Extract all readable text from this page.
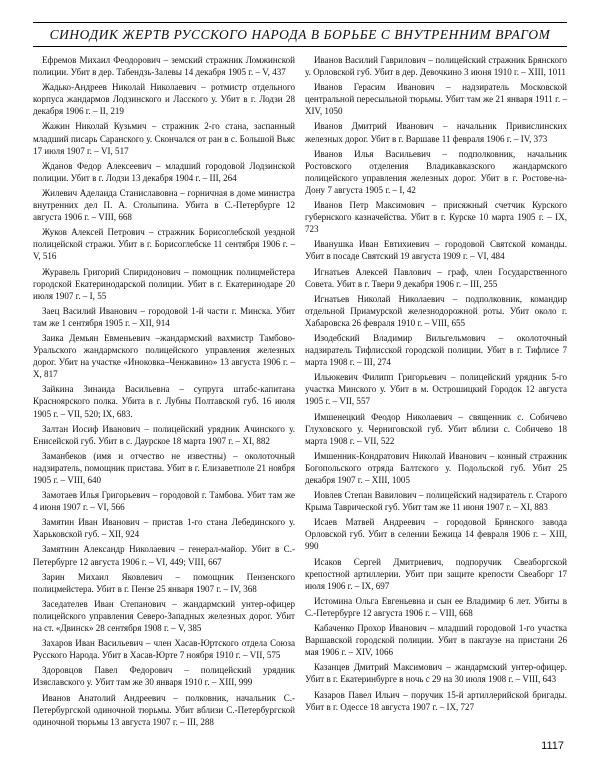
СИНОДИК ЖЕРТВ РУССКОГО НАРОДА В БОРЬБЕ С ВНУТРЕННИМ ВРАГОМ

Ефремов Михаил Феодорович – земский стражник Ломжинской полиции. Убит в дер. Табендзь-Залевы 14 декабря 1905 г. – V, 437

Жадько-Андреев Николай Николаевич – ротмистр отдельного корпуса жандармов Лодзинского и Ласского у. Убит в г. Лодзи 28 декабря 1906 г. – II, 219

Жажин Николай Кузьмич – стражник 2-го стана, заспанный младший писарь Саранского у. Скончался от ран в с. Большой Вьяс 17 июля 1907 г. – VI, 517

Жданов Федор Алексеевич – младший городовой Лодзинской полиции. Убит в г. Лодзи 13 декабря 1904 г. – III, 264

Жилевич Аделаида Станиславовна – горничная в доме министра внутренних дел П. А. Столыпина. Убита в С.-Петербурге 12 августа 1906 г. – VIII, 668

Жуков Алексей Петрович – стражник Борисоглебской уездной полицейской стражи. Убит в г. Борисоглебске 11 сентября 1906 г. – V, 516

Журавель Григорий Спиридонович – помощник полицмейстера городской Екатеринодарской полиции. Убит в г. Екатеринодаре 20 июля 1907 г. – I, 55

Заец Василий Иванович – городовой 1-й части г. Минска. Убит там же 1 сентября 1905 г. – XII, 914

Заика Демьян Евменьевич –жандармский вахмистр Тамбово-Уральского жандармского полицейского управления железных дорог. Убит на участке «Иноковка–Ченжавино» 13 августа 1906 г. – X, 817

Зайкина Зинаида Васильевна – супруга штабс-капитана Красноярского полка. Убита в г. Лубны Полтавской губ. 16 июля 1905 г. – VII, 520; IX, 683.

Залтан Иосиф Иванович – полицейский урядник Ачинского у. Енисейской губ. Убит в с. Даурское 18 марта 1907 г. – XI, 882

Заманбеков (имя и отчество не известны) – околоточный надзиратель, помощник пристава. Убит в г. Елизаветполе 21 ноября 1905 г. – VIII, 640

Замотаев Илья Григорьевич – городовой г. Тамбова. Убит там же 4 июня 1907 г. – VI, 566

Замятин Иван Иванович – пристав 1-го стана Лебединского у. Харьковской губ. – XII, 924

Замятнин Александр Николаевич – генерал-майор. Убит в С.-Петербурге 12 августа 1906 г. – VI, 449; VIII, 667

Зарин Михаил Яковлевич – помощник Пензенского полицмейстера. Убит в г. Пензе 25 января 1907 г. – IV, 368

Заседателев Иван Степанович – жандармский унтер-офицер полицейского управления Северо-Западных железных дорог. Убит на ст. «Двинск» 28 сентября 1908 г. – V, 385

Захаров Иван Васильевич – член Хасав-Юртского отдела Союза Русского Народа. Убит в Хасав-Юрте 7 ноября 1910 г. – VII, 575

Здоровцов Павел Федорович – полицейский урядник Изяславского у. Убит там же 30 января 1910 г. – XIII, 999

Иванов Анатолий Андреевич – полковник, начальник С.-Петербургской одиночной тюрьмы. Убит вблизи С.-Петербургской одиночной тюрьмы 13 августа 1907 г. – III, 288

Иванов Василий Гаврилович – полицейский стражник Брянского у. Орловской губ. Убит в дер. Девочкино 3 июня 1910 г. – XIII, 1011

Иванов Герасим Иванович – надзиратель Московской центральной пересыльной тюрьмы. Убит там же 21 января 1911 г. – XIV, 1050

Иванов Дмитрий Иванович – начальник Привислинских железных дорог. Убит в г. Варшаве 11 февраля 1906 г. – IV, 373

Иванов Илья Васильевич – подполковник, начальник Ростовского отделения Владикавказского жандармского полицейского управления железных дорог. Убит в г. Ростове-на-Дону 7 августа 1905 г. – I, 42

Иванов Петр Максимович – присяжный счетчик Курского губернского казначейства. Убит в г. Курске 10 марта 1905 г. – IX, 723

Иванушка Иван Евтихиевич – городовой Святской команды. Убит в посаде Святский 19 августа 1909 г. – VI, 484

Игнатьев Алексей Павлович – граф, член Государственного Совета. Убит в г. Твери 9 декабря 1906 г. – III, 255

Игнатьев Николай Николаевич – подполковник, командир отдельной Приамурской железнодорожной роты. Убит около г. Хабаровска 26 февраля 1910 г. – VIII, 655

Изодебский Владимир Вильгельмович – околоточный надзиратель Тифлисской городской полиции. Убит в г. Тифлисе 7 марта 1908 г. – III, 274

Ильюкевич Филипп Григорьевич – полицейский урядник 5-го участка Минского у. Убит в м. Острошицкий Городок 12 августа 1905 г. – VII, 557

Имшенецкий Феодор Николаевич – священник с. Собичево Глуховского у. Черниговской губ. Убит вблизи с. Собичево 18 марта 1908 г. – VII, 522

Имшенник-Кондратович Николай Иванович – конный стражник Богопольского отряда Балтского у. Подольской губ. Убит 25 декабря 1907 г. – XIII, 1005

Иовлев Степан Вавилович – полицейский надзиратель г. Старого Крыма Таврической губ. Убит там же 11 июня 1907 г. – XI, 883

Исаев Матвей Андреевич – городовой Брянского завода Орловской губ. Убит в селении Бежица 14 февраля 1906 г. – XIII, 990

Исаков Сергей Дмитриевич, подпоручик Свеаборгской крепостной артиллерии. Убит при защите крепости Свеаборг 17 июля 1906 г. – IX, 697

Истомина Ольга Евгеньевна и сын ее Владимир 6 лет. Убиты в С.-Петербурге 12 августа 1906 г. – VIII, 668

Кабаченко Прохор Иванович – младший городовой 1-го участка Варшавской городской полиции. Убит в пакгаузе на пристани 26 мая 1906 г. – XIV, 1066

Казанцев Дмитрий Максимович – жандармский унтер-офицер. Убит в г. Екатеринбурге в ночь с 29 на 30 июля 1908 г. – VIII, 643

Казаров Павел Ильич – поручик 15-й артиллерийской бригады. Убит в г. Одессе 18 августа 1907 г. – IX, 727

1117
